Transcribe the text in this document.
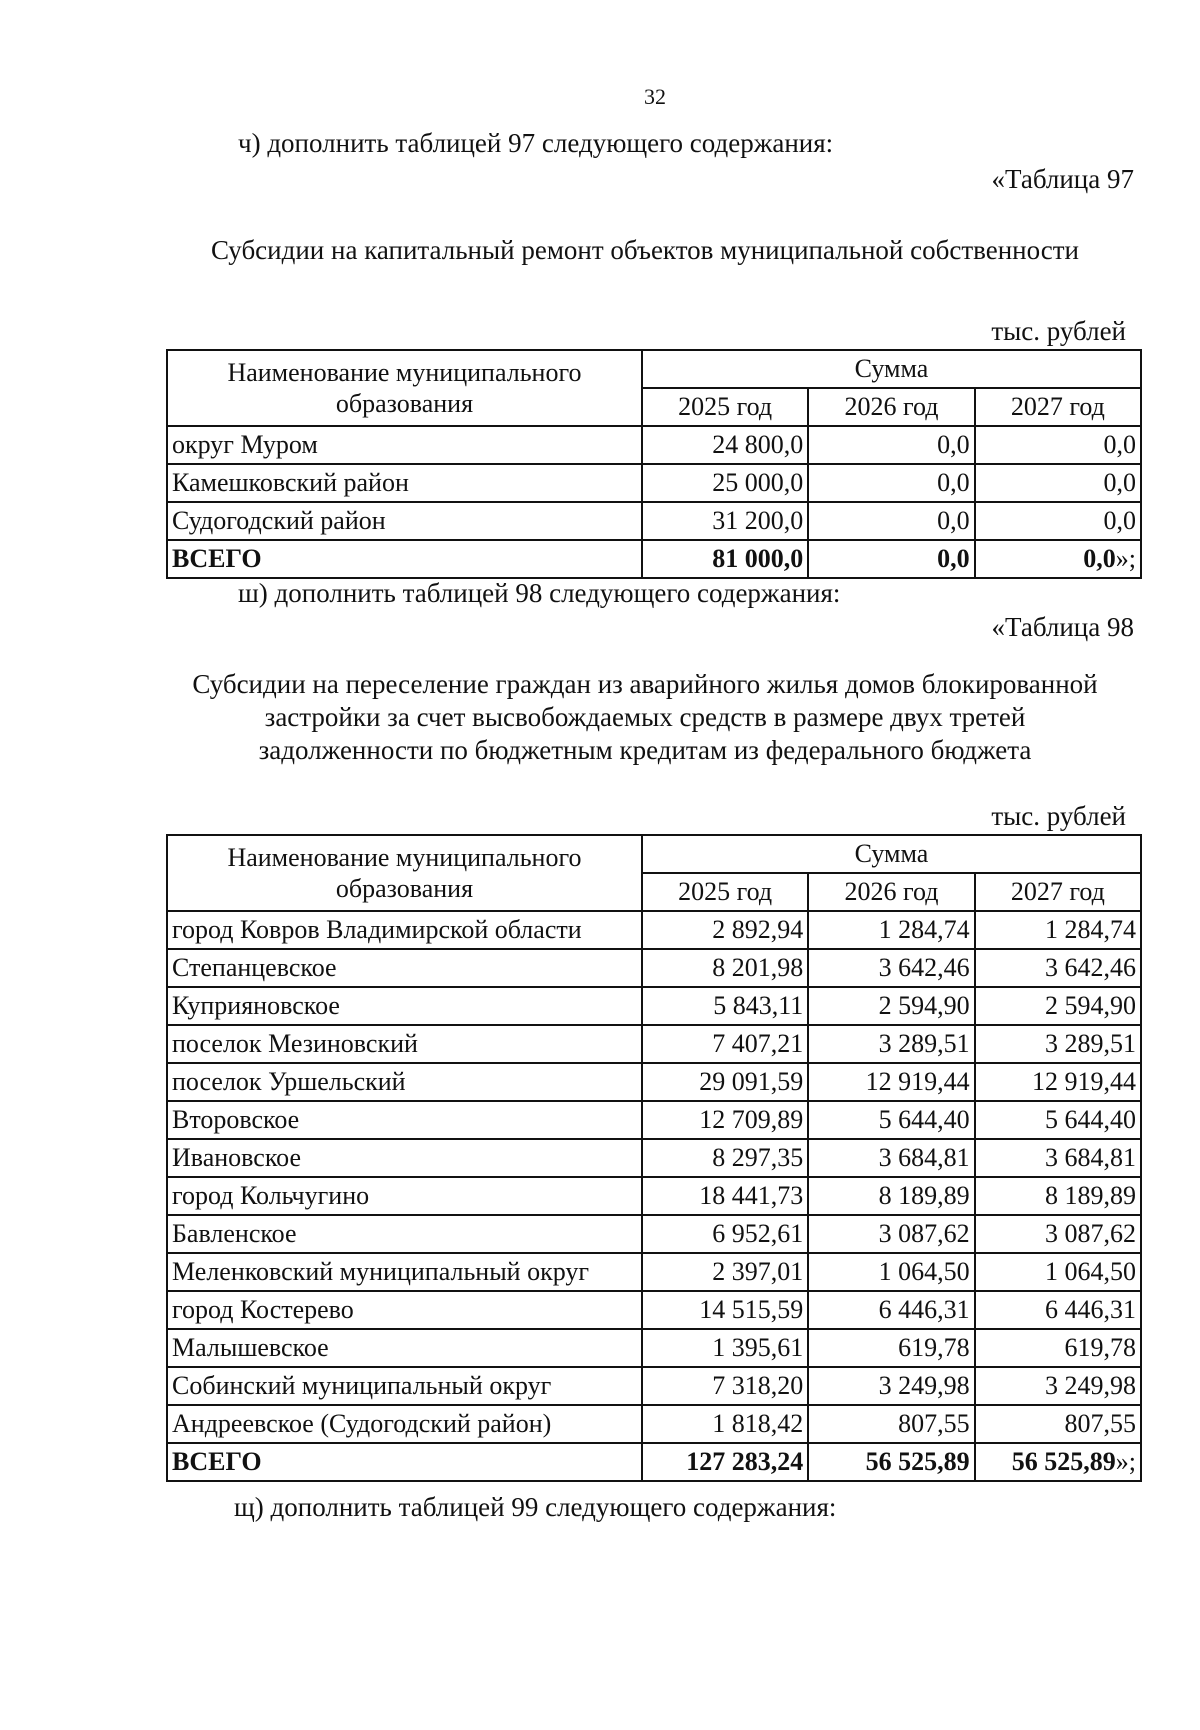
32
ч) дополнить таблицей 97 следующего содержания:
«Таблица 97
Субсидии на капитальный ремонт объектов муниципальной собственности
тыс. рублей
Наименование муниципального
образования	Сумма		
	2025 год	2026 год	2027 год
округ Муром	24 800,0	0,0	0,0
Камешковский район	25 000,0	0,0	0,0
Судогодский район	31 200,0	0,0	0,0
ВСЕГО	81 000,0	0,0	0,0»;
ш) дополнить таблицей 98 следующего содержания:
«Таблица 98
Субсидии на переселение граждан из аварийного жилья домов блокированной
застройки за счет высвобождаемых средств в размере двух третей
задолженности по бюджетным кредитам из федерального бюджета
тыс. рублей
Наименование муниципального
образования	Сумма		
	2025 год	2026 год	2027 год
город Ковров Владимирской области	2 892,94	1 284,74	1 284,74
Степанцевское	8 201,98	3 642,46	3 642,46
Куприяновское	5 843,11	2 594,90	2 594,90
поселок Мезиновский	7 407,21	3 289,51	3 289,51
поселок Уршельский	29 091,59	12 919,44	12 919,44
Второвское	12 709,89	5 644,40	5 644,40
Ивановское	8 297,35	3 684,81	3 684,81
город Кольчугино	18 441,73	8 189,89	8 189,89
Бавленское	6 952,61	3 087,62	3 087,62
Меленковский муниципальный округ	2 397,01	1 064,50	1 064,50
город Костерево	14 515,59	6 446,31	6 446,31
Малышевское	1 395,61	619,78	619,78
Собинский муниципальный округ	7 318,20	3 249,98	3 249,98
Андреевское (Судогодский район)	1 818,42	807,55	807,55
ВСЕГО	127 283,24	56 525,89	56 525,89»;
щ) дополнить таблицей 99 следующего содержания:
